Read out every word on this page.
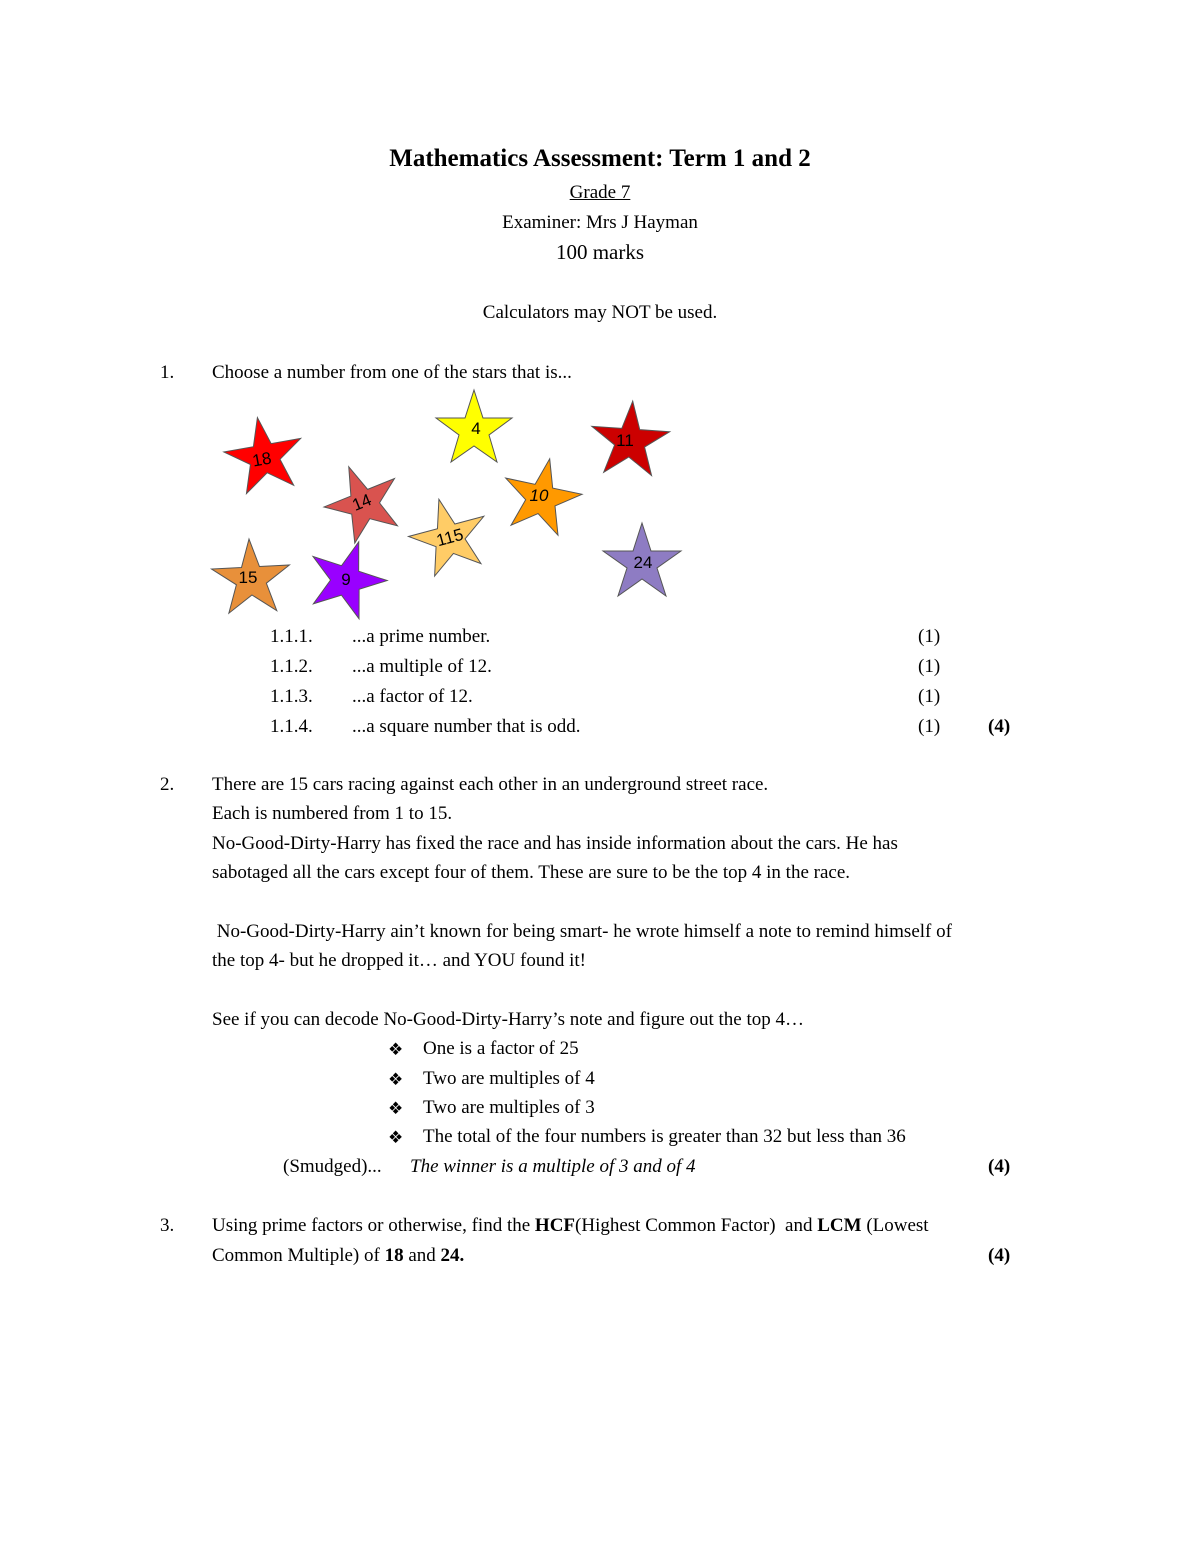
Mathematics Assessment: Term 1 and 2
Grade 7
Examiner: Mrs J Hayman
100 marks
Calculators may NOT be used.
1. Choose a number from one of the stars that is...
18
4
11
14	10
115
15	9
24
1.1.1. ...a prime number.	(1)
1.1.2. ...a multiple of 12.	(1)
1.1.3. ...a factor of 12.	(1)
1.1.4. ...a square number that is odd.	(1)	(4)
2. There are 15 cars racing against each other in an underground street race.
Each is numbered from 1 to 15.
No-Good-Dirty-Harry has fixed the race and has inside information about the cars. He has
sabotaged all the cars except four of them. These are sure to be the top 4 in the race.
No-Good-Dirty-Harry ain’t known for being smart- he wrote himself a note to remind himself of
the top 4- but he dropped it… and YOU found it!
See if you can decode No-Good-Dirty-Harry’s note and figure out the top 4…
❖ One is a factor of 25
❖ Two are multiples of 4
❖ Two are multiples of 3
❖ The total of the four numbers is greater than 32 but less than 36
(Smudged)... The winner is a multiple of 3 and of 4	(4)
3. Using prime factors or otherwise, find the HCF(Highest Common Factor)  and LCM (Lowest
Common Multiple) of 18 and 24.	(4)
